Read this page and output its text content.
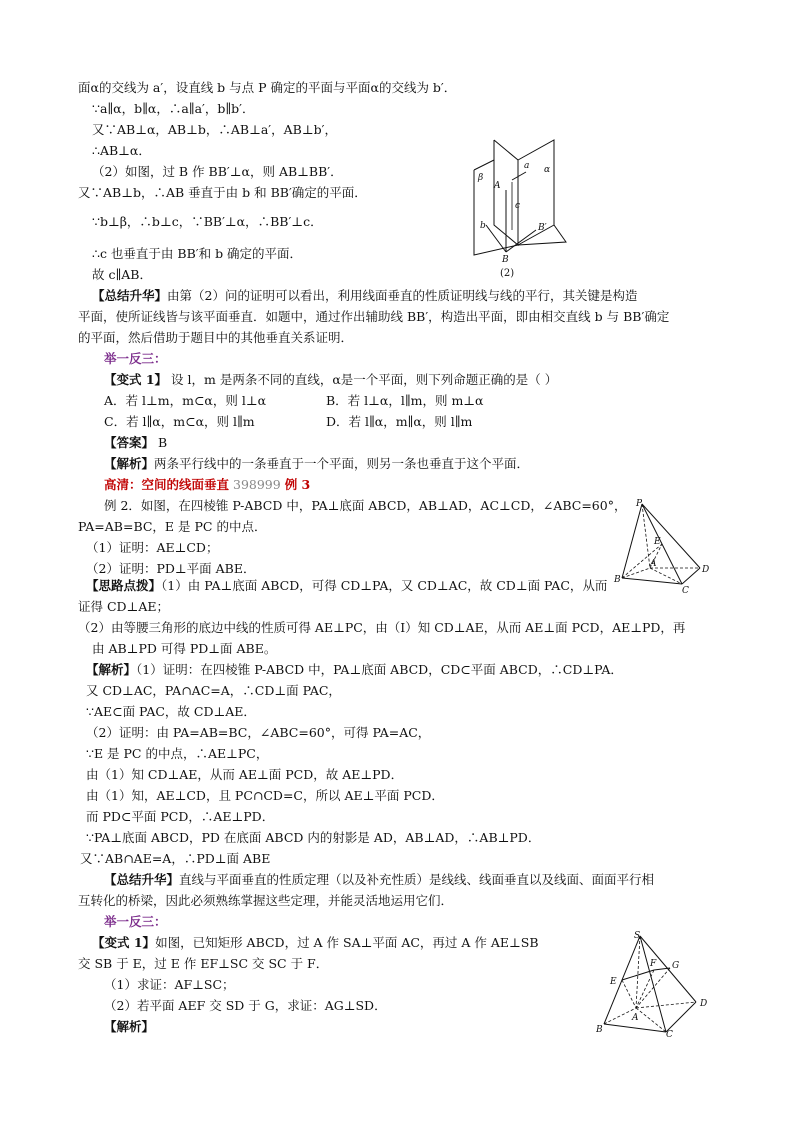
面α的交线为 a′，设直线 b 与点 P 确定的平面与平面α的交线为 b′．
∵a∥α，b∥α，∴a∥a′，b∥b′．
又∵AB⊥α，AB⊥b，∴AB⊥a′，AB⊥b′，
∴AB⊥α．
（2）如图，过 B 作 BB′⊥α，则 AB⊥BB′．
又∵AB⊥b，∴AB 垂直于由 b 和 BB′确定的平面．
∵b⊥β，∴b⊥c，∵BB′⊥α，∴BB′⊥c．
∴c 也垂直于由 BB′和 b 确定的平面．
故 c∥AB．
β
α
A
a
c
b	B′
B
(2)
【总结升华】由第（2）问的证明可以看出，利用线面垂直的性质证明线与线的平行，其关键是构造
平面，使所证线皆与该平面垂直．如题中，通过作出辅助线 BB′，构造出平面，即由相交直线 b 与 BB′确定
的平面，然后借助于题目中的其他垂直关系证明．
举一反三：
【变式 1】 设 l，m 是两条不同的直线，α是一个平面，则下列命题正确的是（ ）
A．若 l⊥m，m⊂α，则 l⊥α	B．若 l⊥α，l∥m，则 m⊥α
C．若 l∥α，m⊂α，则 l∥m	D．若 l∥α，m∥α，则 l∥m
【答案】 B
【解析】两条平行线中的一条垂直于一个平面，则另一条也垂直于这个平面．
高清：空间的线面垂直 398999 例 3
例 2．如图，在四棱锥 P-ABCD 中，PA⊥底面 ABCD，AB⊥AD，AC⊥CD，∠ABC=60°，
PA=AB=BC，E 是 PC 的中点．
（1）证明：AE⊥CD；
（2）证明：PD⊥平面 ABE．
P
E
A
D
B
C
【思路点拨】（1）由 PA⊥底面 ABCD，可得 CD⊥PA，又 CD⊥AC，故 CD⊥面 PAC，从而
证得 CD⊥AE；
（2）由等腰三角形的底边中线的性质可得 AE⊥PC，由（Ⅰ）知 CD⊥AE，从而 AE⊥面 PCD，AE⊥PD，再
由 AB⊥PD 可得 PD⊥面 ABE。
【解析】（1）证明：在四棱锥 P-ABCD 中，PA⊥底面 ABCD，CD⊂平面 ABCD，∴CD⊥PA．
又 CD⊥AC，PA∩AC=A，∴CD⊥面 PAC，
∵AE⊂面 PAC，故 CD⊥AE．
（2）证明：由 PA=AB=BC，∠ABC=60°，可得 PA=AC，
∵E 是 PC 的中点，∴AE⊥PC，
由（1）知 CD⊥AE，从而 AE⊥面 PCD，故 AE⊥PD．
由（1）知，AE⊥CD，且 PC∩CD=C，所以 AE⊥平面 PCD．
而 PD⊂平面 PCD，∴AE⊥PD．
∵PA⊥底面 ABCD，PD 在底面 ABCD 内的射影是 AD，AB⊥AD，∴AB⊥PD．
又∵AB∩AE=A，∴PD⊥面 ABE
【总结升华】直线与平面垂直的性质定理（以及补充性质）是线线、线面垂直以及线面、面面平行相
互转化的桥梁，因此必须熟练掌握这些定理，并能灵活地运用它们．
举一反三：
【变式 1】如图，已知矩形 ABCD，过 A 作 SA⊥平面 AC，再过 A 作 AE⊥SB
交 SB 于 E，过 E 作 EF⊥SC 交 SC 于 F．
（1）求证：AF⊥SC；
（2）若平面 AEF 交 SD 于 G，求证：AG⊥SD．
【解析】
S
F G
E
A
D
B	C
